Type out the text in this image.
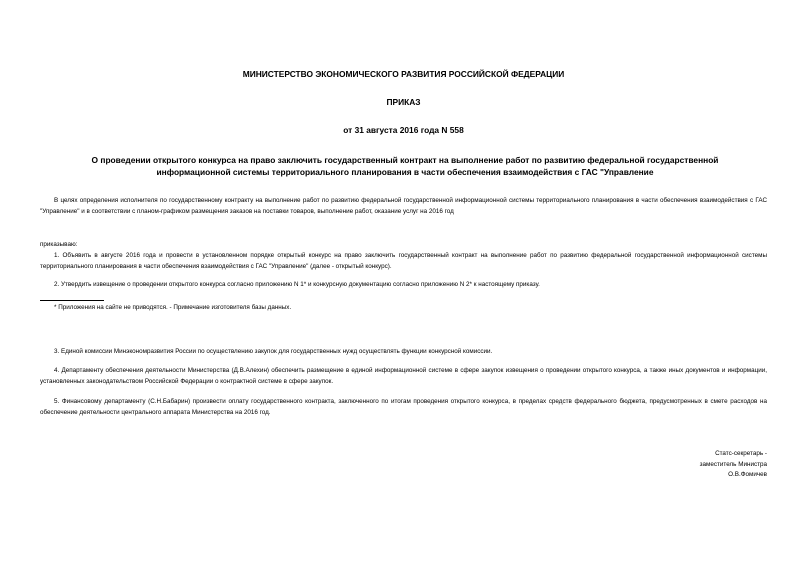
МИНИСТЕРСТВО ЭКОНОМИЧЕСКОГО РАЗВИТИЯ РОССИЙСКОЙ ФЕДЕРАЦИИ
ПРИКАЗ
от 31 августа 2016 года N 558
О проведении открытого конкурса на право заключить государственный контракт на выполнение работ по развитию федеральной государственной информационной системы территориального планирования в части обеспечения взаимодействия с ГАС "Управление
В целях определения исполнителя по государственному контракту на выполнение работ по развитию федеральной государственной информационной системы территориального планирования в части обеспечения взаимодействия с ГАС "Управление" и в соответствии с планом-графиком размещения заказов на поставки товаров, выполнение работ, оказание услуг на 2016 год
приказываю:
1. Объявить в августе 2016 года и провести в установленном порядке открытый конкурс на право заключить государственный контракт на выполнение работ по развитию федеральной государственной информационной системы территориального планирования в части обеспечения взаимодействия с ГАС "Управление" (далее - открытый конкурс).
2. Утвердить извещение о проведении открытого конкурса согласно приложению N 1* и конкурсную документацию согласно приложению N 2* к настоящему приказу.
* Приложения на сайте не приводятся. - Примечание изготовителя базы данных.
3. Единой комиссии Минэкономразвития России по осуществлению закупок для государственных нужд осуществлять функции конкурсной комиссии.
4. Департаменту обеспечения деятельности Министерства (Д.В.Алехин) обеспечить размещение в единой информационной системе в сфере закупок извещения о проведении открытого конкурса, а также иных документов и информации, установленных законодательством Российской Федерации о контрактной системе в сфере закупок.
5. Финансовому департаменту (С.Н.Бабарин) произвести оплату государственного контракта, заключенного по итогам проведения открытого конкурса, в пределах средств федерального бюджета, предусмотренных в смете расходов на обеспечение деятельности центрального аппарата Министерства на 2016 год.
Статс-секретарь -
заместитель Министра
О.В.Фомичев
